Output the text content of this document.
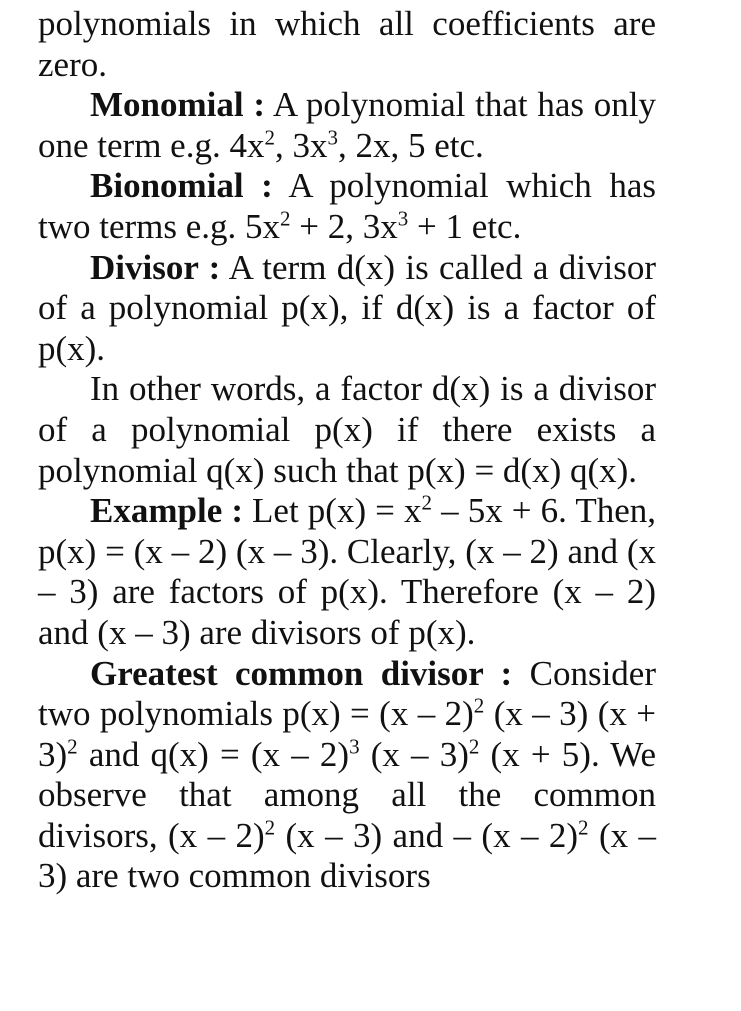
polynomials in which all coefficients are zero.

Monomial : A polynomial that has only one term e.g. $4x^2$, $3x^3$, 2x, 5 etc.

Bionomial : A polynomial which has two terms e.g. $5x^2 + 2$, $3x^3 + 1$ etc.

Divisor : A term d(x) is called a divisor of a polynomial p(x), if d(x) is a factor of p(x).

In other words, a factor d(x) is a divisor of a polynomial p(x) if there exists a polynomial q(x) such that p(x) = d(x) q(x).

Example : Let $p(x) = x^2 - 5x + 6$. Then, p(x) = (x – 2) (x – 3). Clearly, (x – 2) and (x – 3) are factors of p(x). Therefore (x – 2) and (x – 3) are divisors of p(x).

Greatest common divisor : Consider two polynomials p(x) = (x – 2)$^2$ (x – 3) $(x + 3)^2$ and q(x) = (x – 2)$^3$ (x – 3)$^2$ (x + 5). We observe that among all the common divisors, (x – 2)$^2$ (x – 3) and – (x – 2)$^2$ (x – 3) are two common divisors
